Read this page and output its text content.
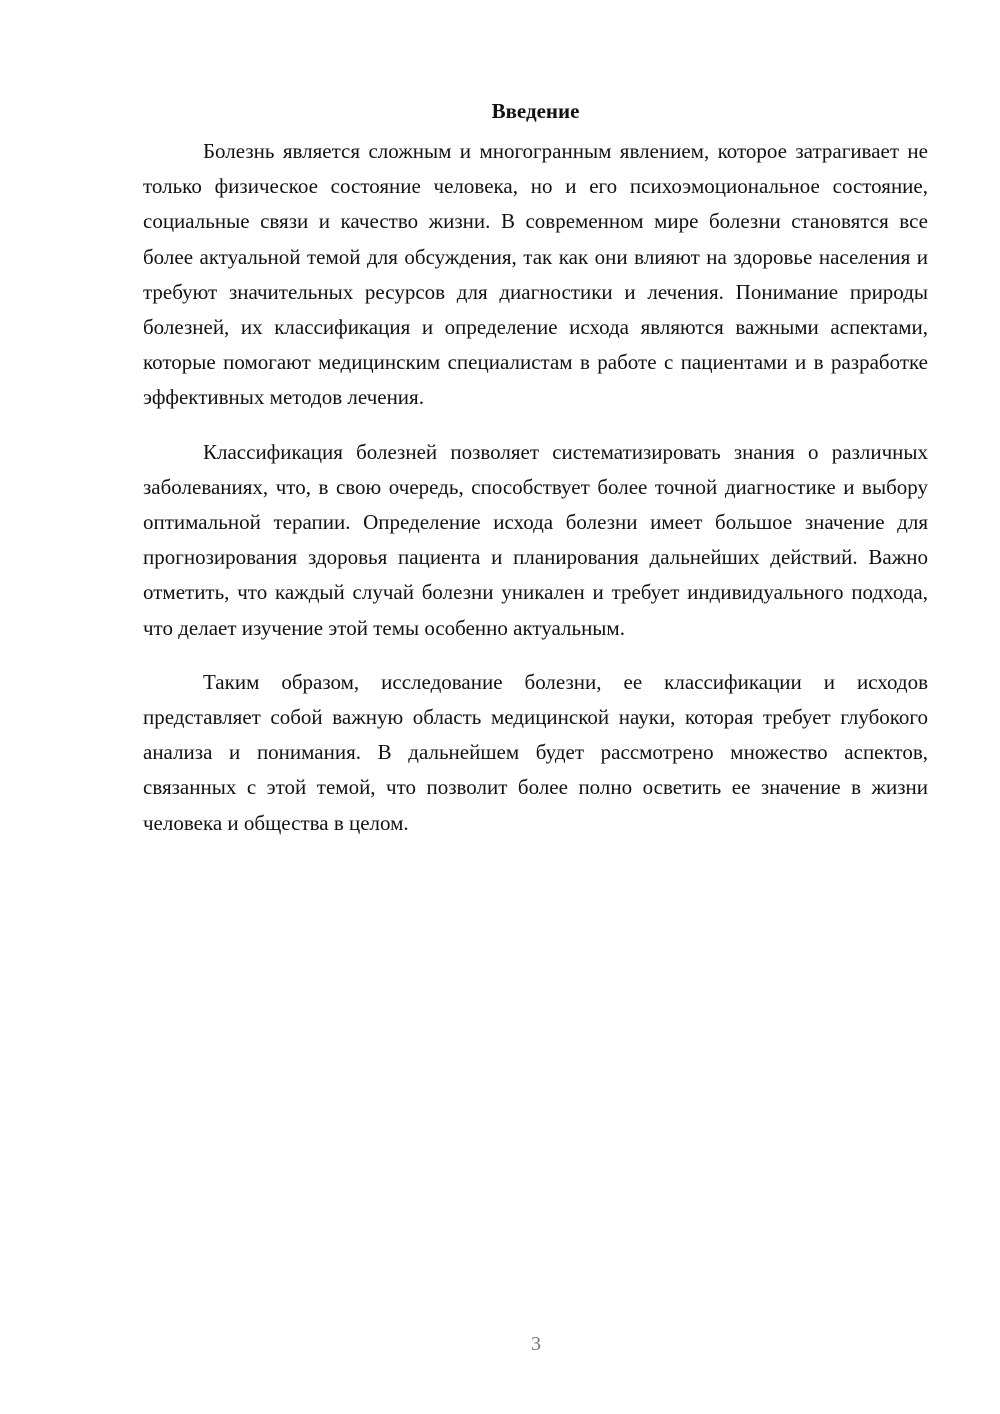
Введение

Болезнь является сложным и многогранным явлением, которое затрагивает не только физическое состояние человека, но и его психоэмоциональное состояние, социальные связи и качество жизни. В современном мире болезни становятся все более актуальной темой для обсуждения, так как они влияют на здоровье населения и требуют значительных ресурсов для диагностики и лечения. Понимание природы болезней, их классификация и определение исхода являются важными аспектами, которые помогают медицинским специалистам в работе с пациентами и в разработке эффективных методов лечения.

Классификация болезней позволяет систематизировать знания о различных заболеваниях, что, в свою очередь, способствует более точной диагностике и выбору оптимальной терапии. Определение исхода болезни имеет большое значение для прогнозирования здоровья пациента и планирования дальнейших действий. Важно отметить, что каждый случай болезни уникален и требует индивидуального подхода, что делает изучение этой темы особенно актуальным.

Таким образом, исследование болезни, ее классификации и исходов представляет собой важную область медицинской науки, которая требует глубокого анализа и понимания. В дальнейшем будет рассмотрено множество аспектов, связанных с этой темой, что позволит более полно осветить ее значение в жизни человека и общества в целом.

3
